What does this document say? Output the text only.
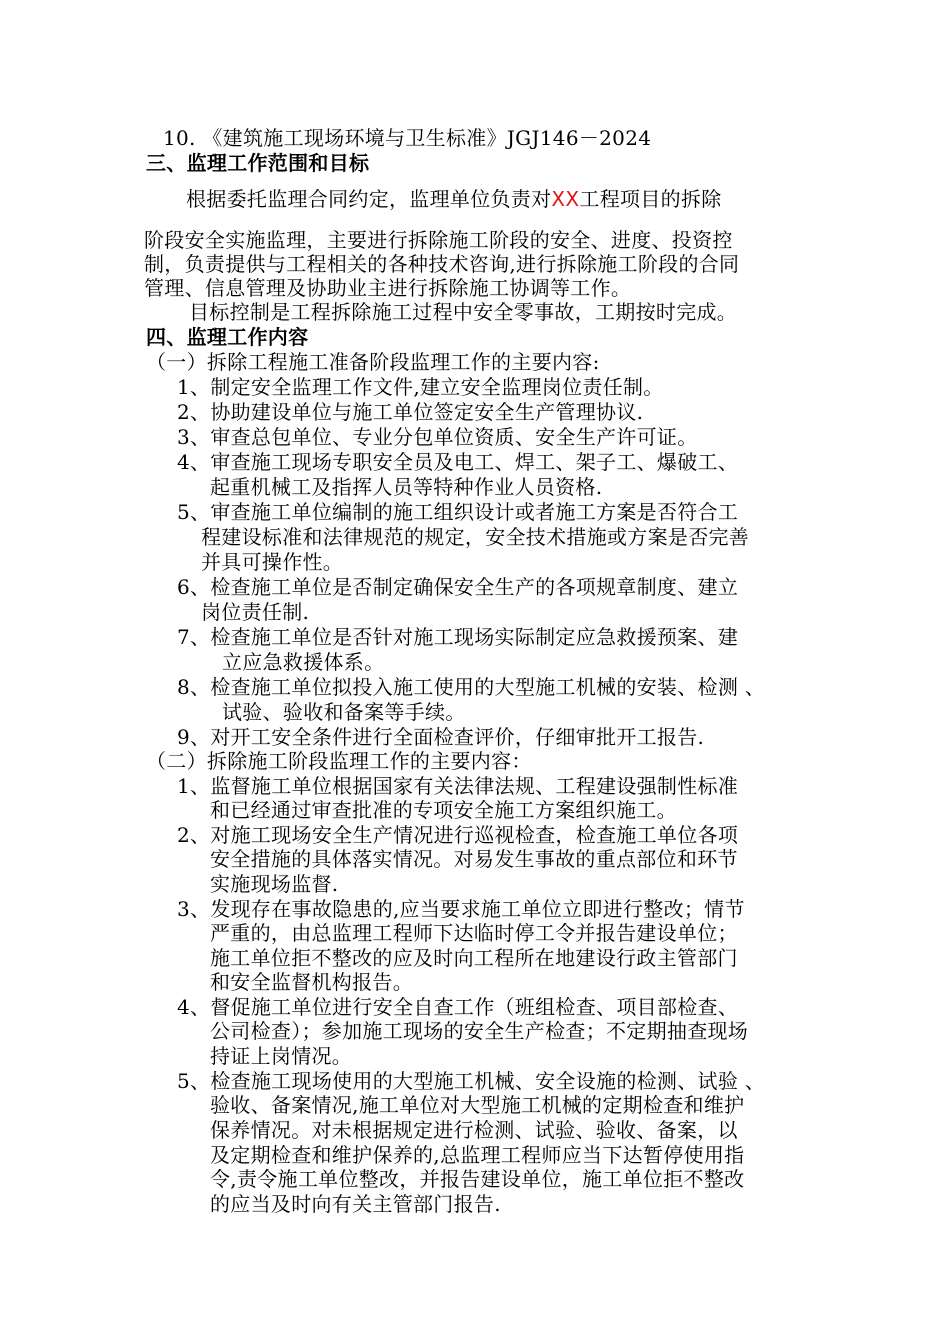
10. 《建筑施工现场环境与卫生标准》JGJ146－2024
三、监理工作范围和目标
根据委托监理合同约定，监理单位负责对XX工程项目的拆除
阶段安全实施监理，主要进行拆除施工阶段的安全、进度、投资控
制，负责提供与工程相关的各种技术咨询,进行拆除施工阶段的合同
管理、信息管理及协助业主进行拆除施工协调等工作。
目标控制是工程拆除施工过程中安全零事故，工期按时完成。
四、监理工作内容
（一）拆除工程施工准备阶段监理工作的主要内容:
1、制定安全监理工作文件,建立安全监理岗位责任制。
2、协助建设单位与施工单位签定安全生产管理协议.
3、审查总包单位、专业分包单位资质、安全生产许可证。
4、审查施工现场专职安全员及电工、焊工、架子工、爆破工、
起重机械工及指挥人员等特种作业人员资格.
5、审查施工单位编制的施工组织设计或者施工方案是否符合工
程建设标准和法律规范的规定，安全技术措施或方案是否完善
并具可操作性。
6、检查施工单位是否制定确保安全生产的各项规章制度、建立
岗位责任制.
7、检查施工单位是否针对施工现场实际制定应急救援预案、建
立应急救援体系。
8、检查施工单位拟投入施工使用的大型施工机械的安装、检测 、
试验、验收和备案等手续。
9、对开工安全条件进行全面检查评价，仔细审批开工报告.
（二）拆除施工阶段监理工作的主要内容：
1、监督施工单位根据国家有关法律法规、工程建设强制性标准
和已经通过审查批准的专项安全施工方案组织施工。
2、对施工现场安全生产情况进行巡视检查，检查施工单位各项
安全措施的具体落实情况。对易发生事故的重点部位和环节
实施现场监督.
3、发现存在事故隐患的,应当要求施工单位立即进行整改；情节
严重的，由总监理工程师下达临时停工令并报告建设单位；
施工单位拒不整改的应及时向工程所在地建设行政主管部门
和安全监督机构报告。
4、督促施工单位进行安全自查工作（班组检查、项目部检查、
公司检查）；参加施工现场的安全生产检查；不定期抽查现场
持证上岗情况。
5、检查施工现场使用的大型施工机械、安全设施的检测、试验 、
验收、备案情况,施工单位对大型施工机械的定期检查和维护
保养情况。对未根据规定进行检测、试验、验收、备案，以
及定期检查和维护保养的,总监理工程师应当下达暂停使用指
令,责令施工单位整改，并报告建设单位，施工单位拒不整改
的应当及时向有关主管部门报告.
